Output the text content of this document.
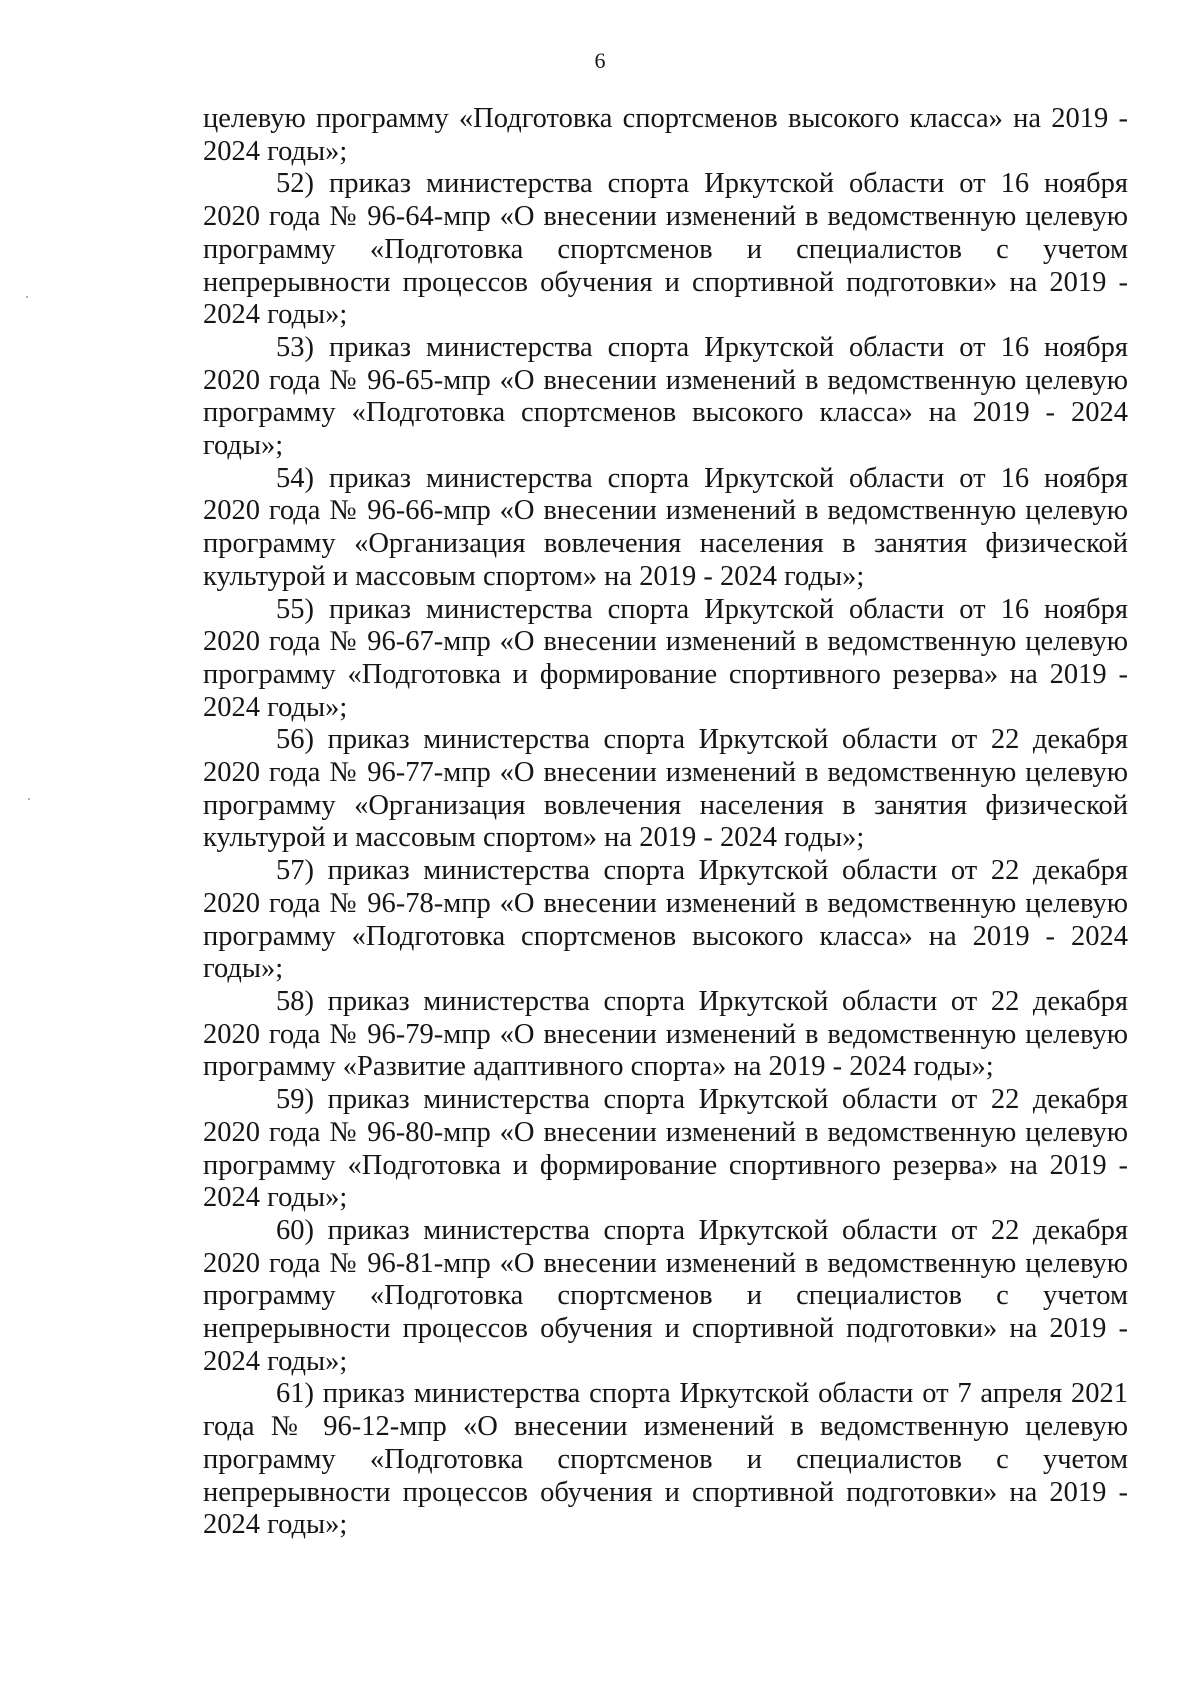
6

целевую программу «Подготовка спортсменов высокого класса» на 2019 - 2024 годы»;

52) приказ министерства спорта Иркутской области от 16 ноября 2020 года № 96-64-мпр «О внесении изменений в ведомственную целевую программу «Подготовка спортсменов и специалистов с учетом непрерывности процессов обучения и спортивной подготовки» на 2019 - 2024 годы»;

53) приказ министерства спорта Иркутской области от 16 ноября 2020 года № 96-65-мпр «О внесении изменений в ведомственную целевую программу «Подготовка спортсменов высокого класса» на 2019 - 2024 годы»;

54) приказ министерства спорта Иркутской области от 16 ноября 2020 года № 96-66-мпр «О внесении изменений в ведомственную целевую программу «Организация вовлечения населения в занятия физической культурой и массовым спортом» на 2019 - 2024 годы»;

55) приказ министерства спорта Иркутской области от 16 ноября 2020 года № 96-67-мпр «О внесении изменений в ведомственную целевую программу «Подготовка и формирование спортивного резерва» на 2019 - 2024 годы»;

56) приказ министерства спорта Иркутской области от 22 декабря 2020 года № 96-77-мпр «О внесении изменений в ведомственную целевую программу «Организация вовлечения населения в занятия физической культурой и массовым спортом» на 2019 - 2024 годы»;

57) приказ министерства спорта Иркутской области от 22 декабря 2020 года № 96-78-мпр «О внесении изменений в ведомственную целевую программу «Подготовка спортсменов высокого класса» на 2019 - 2024 годы»;

58) приказ министерства спорта Иркутской области от 22 декабря 2020 года № 96-79-мпр «О внесении изменений в ведомственную целевую программу «Развитие адаптивного спорта» на 2019 - 2024 годы»;

59) приказ министерства спорта Иркутской области от 22 декабря 2020 года № 96-80-мпр «О внесении изменений в ведомственную целевую программу «Подготовка и формирование спортивного резерва» на 2019 - 2024 годы»;

60) приказ министерства спорта Иркутской области от 22 декабря 2020 года № 96-81-мпр «О внесении изменений в ведомственную целевую программу «Подготовка спортсменов и специалистов с учетом непрерывности процессов обучения и спортивной подготовки» на 2019 - 2024 годы»;

61) приказ министерства спорта Иркутской области от 7 апреля 2021 года № 96-12-мпр «О внесении изменений в ведомственную целевую программу «Подготовка спортсменов и специалистов с учетом непрерывности процессов обучения и спортивной подготовки» на 2019 - 2024 годы»;
